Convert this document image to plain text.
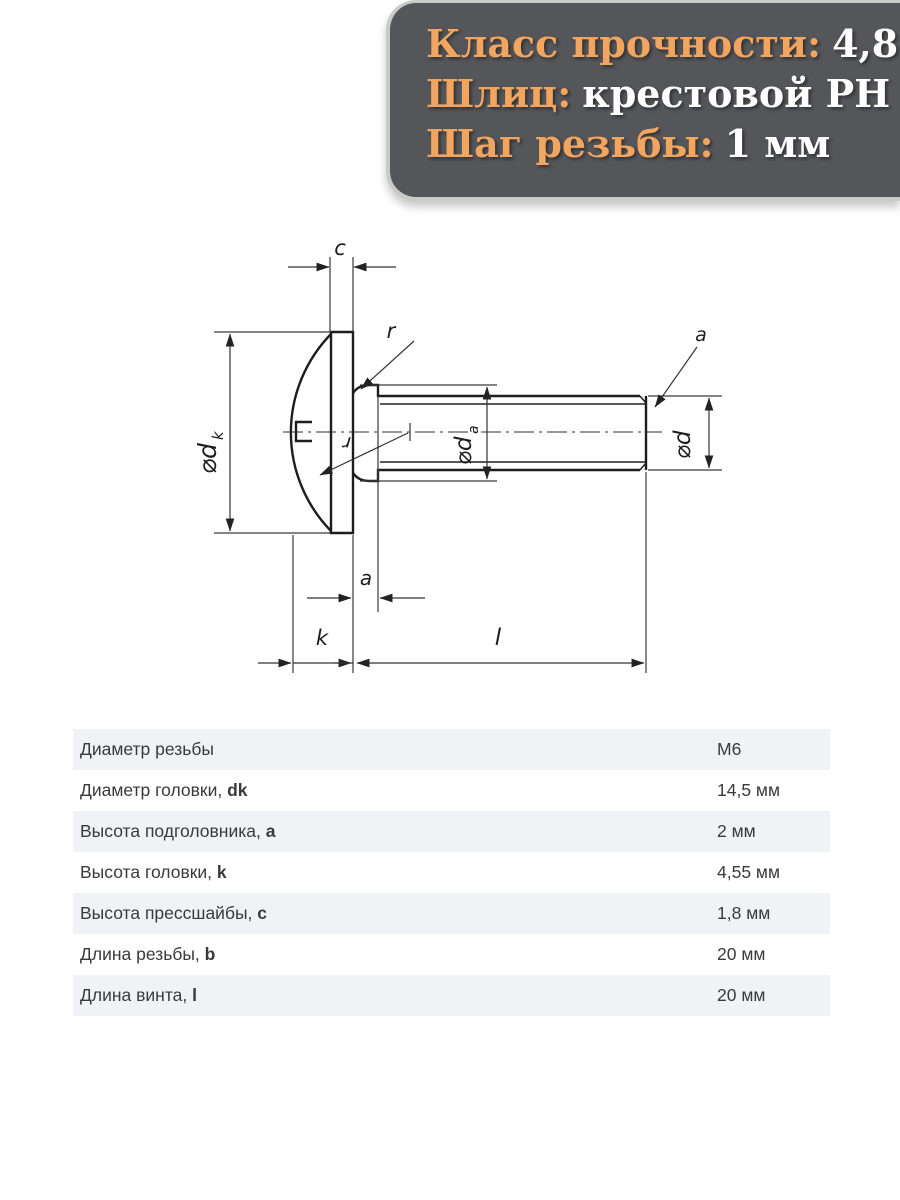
c
r
r
a
⌀d
k
⌀d
a
⌀d
a
k	l
Класс прочности: 4,8
Шлиц: крестовой PH
Шаг резьбы: 1 мм
Диаметр резьбы	М6
Диаметр головки, dk	14,5 мм
Высота подголовника, a	2 мм
Высота головки, k	4,55 мм
Высота прессшайбы, c	1,8 мм
Длина резьбы, b	20 мм
Длина винта, l	20 мм
